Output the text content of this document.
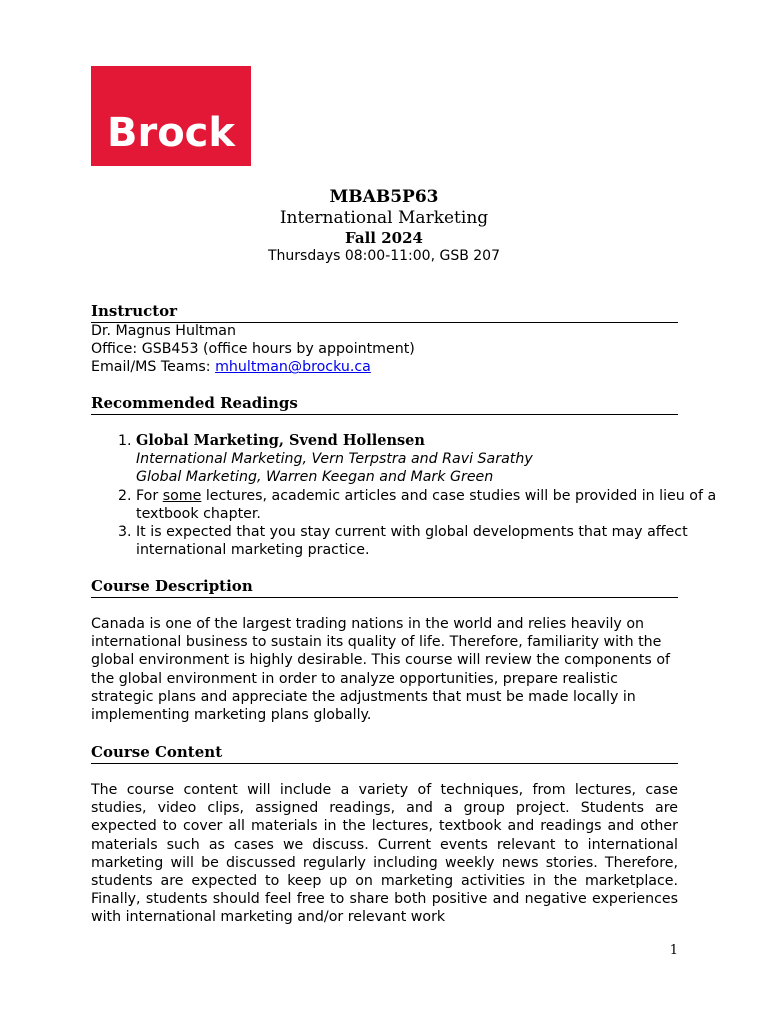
Brock
MBAB5P63
International Marketing
Fall 2024
Thursdays 08:00-11:00, GSB 207
Instructor
Dr. Magnus Hultman
Office: GSB453 (office hours by appointment)
Email/MS Teams: mhultman@brocku.ca
Recommended Readings
1. Global Marketing, Svend Hollensen
International Marketing, Vern Terpstra and Ravi Sarathy
Global Marketing, Warren Keegan and Mark Green
2. For some lectures, academic articles and case studies will be provided in lieu of a textbook chapter.
3. It is expected that you stay current with global developments that may affect international marketing practice.
Course Description
Canada is one of the largest trading nations in the world and relies heavily on international business to sustain its quality of life. Therefore, familiarity with the global environment is highly desirable. This course will review the components of the global environment in order to analyze opportunities, prepare realistic strategic plans and appreciate the adjustments that must be made locally in implementing marketing plans globally.
Course Content
The course content will include a variety of techniques, from lectures, case studies, video clips, assigned readings, and a group project. Students are expected to cover all materials in the lectures, textbook and readings and other materials such as cases we discuss. Current events relevant to international marketing will be discussed regularly including weekly news stories. Therefore, students are expected to keep up on marketing activities in the marketplace. Finally, students should feel free to share both positive and negative experiences with international marketing and/or relevant work
1
